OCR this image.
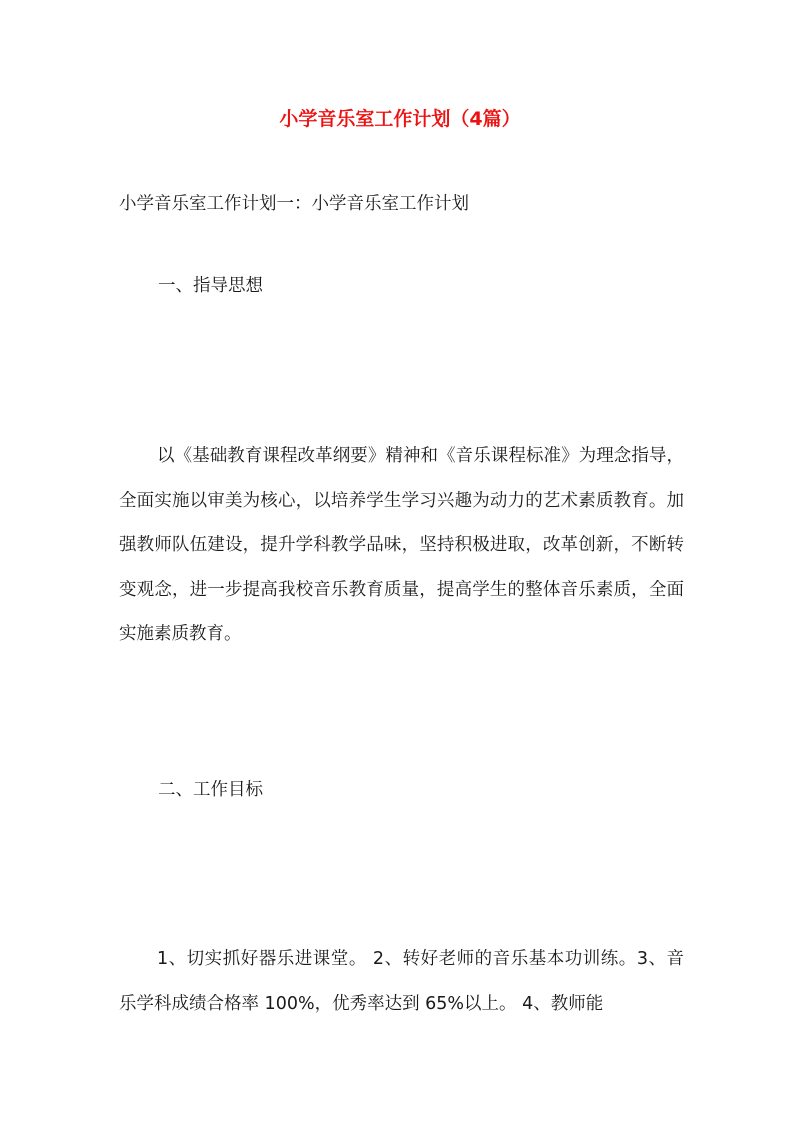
小学音乐室工作计划（4篇）
小学音乐室工作计划一：小学音乐室工作计划
一、指导思想
以《基础教育课程改革纲要》精神和《音乐课程标准》为理念指导，全面实施以审美为核心，以培养学生学习兴趣为动力的艺术素质教育。加强教师队伍建设，提升学科教学品味，坚持积极进取，改革创新，不断转变观念，进一步提高我校音乐教育质量，提高学生的整体音乐素质，全面实施素质教育。
二、工作目标
1、切实抓好器乐进课堂。 2、转好老师的音乐基本功训练。3、音乐学科成绩合格率 100%，优秀率达到 65%以上。 4、教师能
